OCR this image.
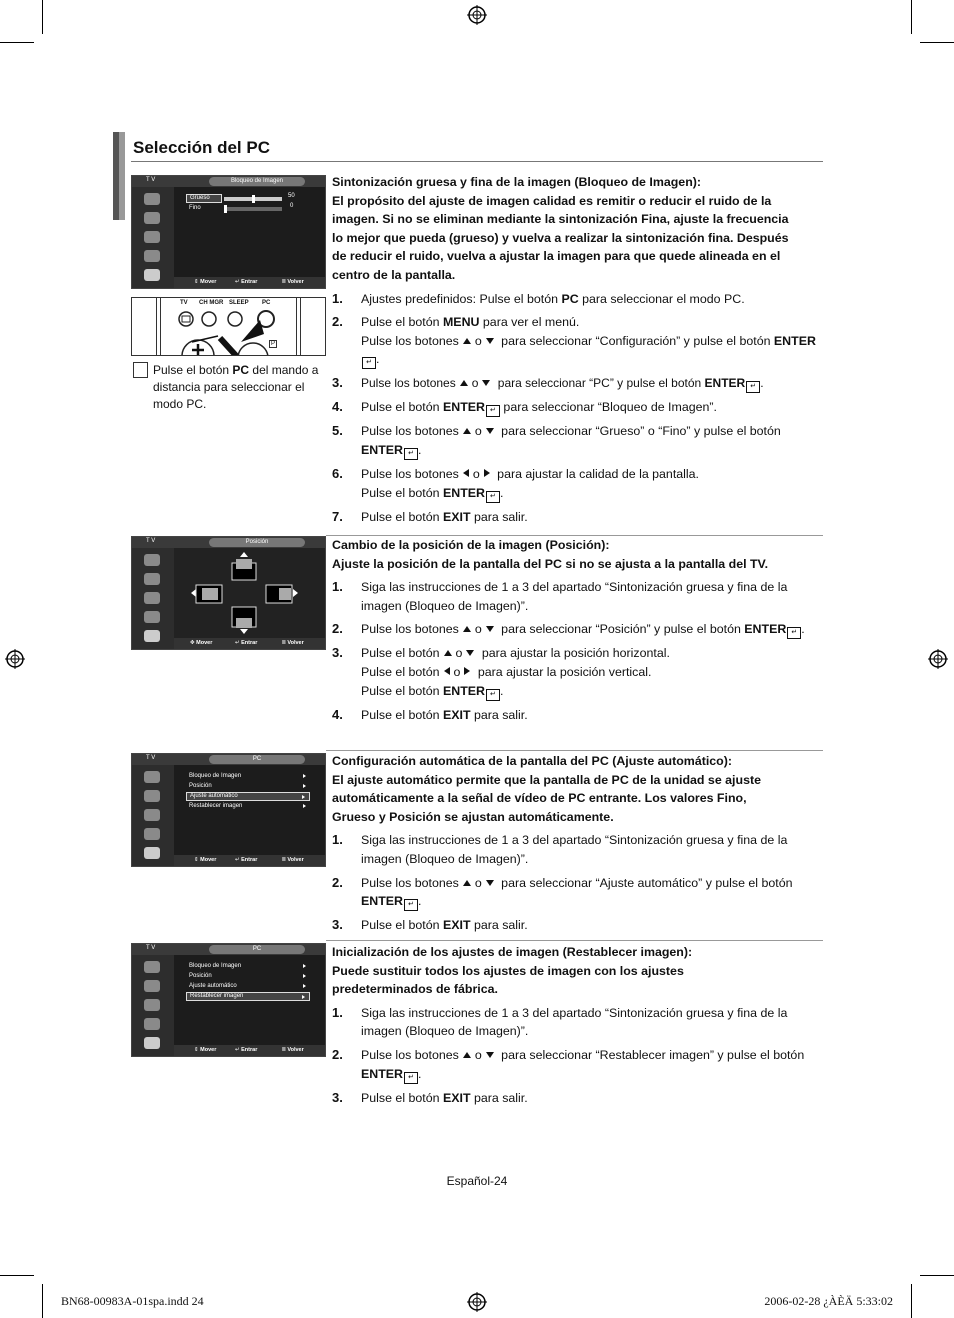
Selección del PC
T V	Bloqueo de Imagen
Grueso	50
Fino	0
⇕ Mover	↵ Entrar	Ⅲ Volver
TV CH MGR SLEEP PC
P
Pulse el botón PC del mando a distancia para seleccionar el modo PC.
Sintonización gruesa y fina de la imagen (Bloqueo de Imagen):
El propósito del ajuste de imagen calidad es remitir o reducir el ruido de la
imagen. Si no se eliminan mediante la sintonización Fina, ajuste la frecuencia
lo mejor que pueda (grueso) y vuelva a realizar la sintonización fina. Después
de reducir el ruido, vuelva a ajustar la imagen para que quede alineada en el
centro de la pantalla.
1. Ajustes predefinidos: Pulse el botón PC para seleccionar el modo PC.
2. Pulse el botón MENU para ver el menú.
Pulse los botones o para seleccionar “Configuración” y pulse el botón ENTER↵ .
3. Pulse los botones o para seleccionar “PC” y pulse el botón ENTER ↵ .
4. Pulse el botón ENTER ↵ para seleccionar “Bloqueo de Imagen”.
5. Pulse los botones o para seleccionar “Grueso” o “Fino” y pulse el botón ENTER ↵ .
6. Pulse los botones o para ajustar la calidad de la pantalla.
Pulse el botón ENTER ↵ .
7. Pulse el botón EXIT para salir.
T V	Posición
✥ Mover	↵ Entrar	Ⅲ Volver
Cambio de la posición de la imagen (Posición):
Ajuste la posición de la pantalla del PC si no se ajusta a la pantalla del TV.
1. Siga las instrucciones de 1 a 3 del apartado “Sintonización gruesa y fina de la imagen (Bloqueo de Imagen)”.
2. Pulse los botones o para seleccionar “Posición” y pulse el botón ENTER ↵ .
3. Pulse el botón o para ajustar la posición horizontal.
Pulse el botón o para ajustar la posición vertical.
Pulse el botón ENTER ↵ .
4. Pulse el botón EXIT para salir.
T V	PC
Bloqueo de Imagen
Posición
Ajuste automático
Restablecer imagen
⇕ Mover	↵ Entrar	Ⅲ Volver
Configuración automática de la pantalla del PC (Ajuste automático):
El ajuste automático permite que la pantalla de PC de la unidad se ajuste
automáticamente a la señal de vídeo de PC entrante. Los valores Fino,
Grueso y Posición se ajustan automáticamente.
1. Siga las instrucciones de 1 a 3 del apartado “Sintonización gruesa y fina de la imagen (Bloqueo de Imagen)”.
2. Pulse los botones o para seleccionar “Ajuste automático” y pulse el botón ENTER ↵ .
3. Pulse el botón EXIT para salir.
T V	PC
Bloqueo de Imagen
Posición
Ajuste automático
Restablecer imagen
⇕ Mover	↵ Entrar	Ⅲ Volver
Inicialización de los ajustes de imagen (Restablecer imagen):
Puede sustituir todos los ajustes de imagen con los ajustes
predeterminados de fábrica.
1. Siga las instrucciones de 1 a 3 del apartado “Sintonización gruesa y fina de la imagen (Bloqueo de Imagen)”.
2. Pulse los botones o para seleccionar “Restablecer imagen” y pulse el botón ENTER ↵ .
3. Pulse el botón EXIT para salir.
Español-24
BN68-00983A-01spa.indd 24	2006-02-28 ¿ÀÈÄ 5:33:02
